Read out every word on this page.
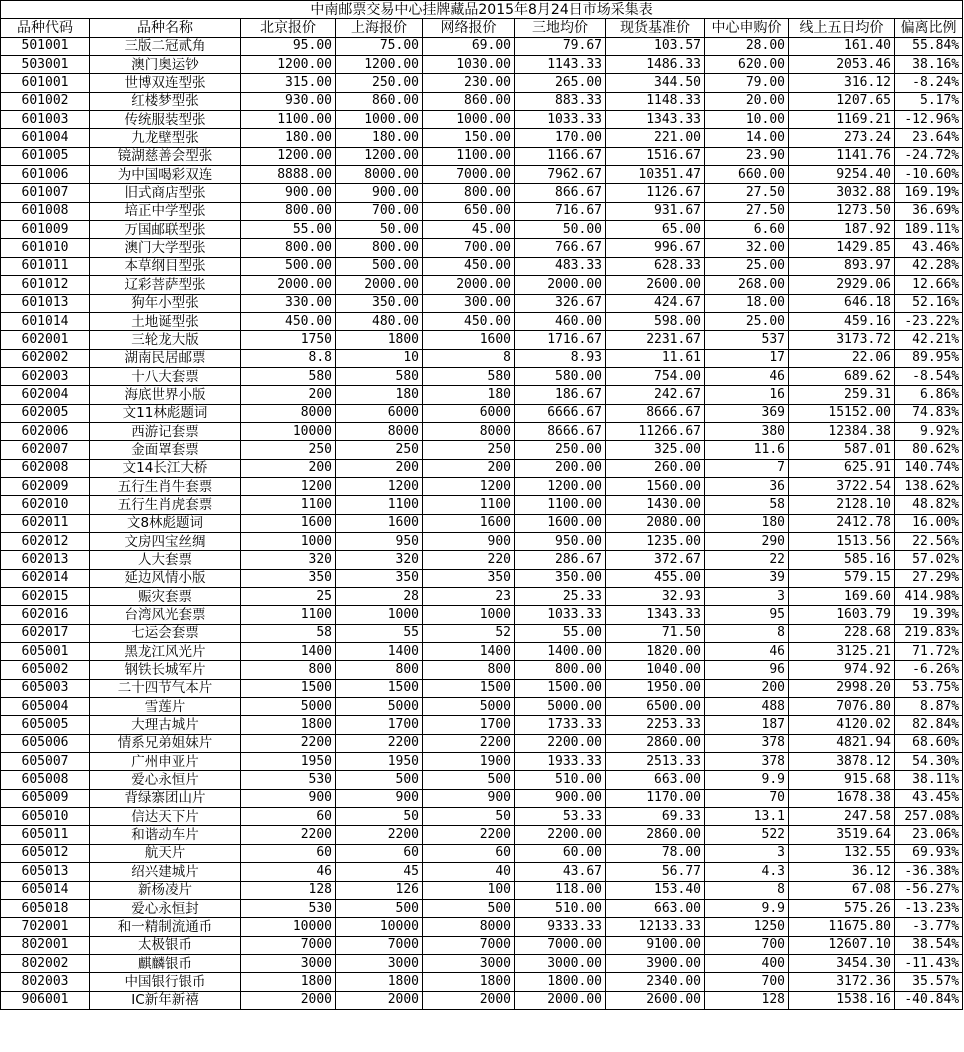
中南邮票交易中心挂牌藏品2015年8月24日市场采集表									
品种代码	品种名称	北京报价	上海报价	网络报价	三地均价	现货基准价	中心申购价	线上五日均价	偏离比例
501001	三版二冠贰角	95.00	75.00	69.00	79.67	103.57	28.00	161.40	55.84%
503001	澳门奥运钞	1200.00	1200.00	1030.00	1143.33	1486.33	620.00	2053.46	38.16%
601001	世博双连型张	315.00	250.00	230.00	265.00	344.50	79.00	316.12	-8.24%
601002	红楼梦型张	930.00	860.00	860.00	883.33	1148.33	20.00	1207.65	5.17%
601003	传统服装型张	1100.00	1000.00	1000.00	1033.33	1343.33	10.00	1169.21	-12.96%
601004	九龙壁型张	180.00	180.00	150.00	170.00	221.00	14.00	273.24	23.64%
601005	镜湖慈善会型张	1200.00	1200.00	1100.00	1166.67	1516.67	23.90	1141.76	-24.72%
601006	为中国喝彩双连	8888.00	8000.00	7000.00	7962.67	10351.47	660.00	9254.40	-10.60%
601007	旧式商店型张	900.00	900.00	800.00	866.67	1126.67	27.50	3032.88	169.19%
601008	培正中学型张	800.00	700.00	650.00	716.67	931.67	27.50	1273.50	36.69%
601009	万国邮联型张	55.00	50.00	45.00	50.00	65.00	6.60	187.92	189.11%
601010	澳门大学型张	800.00	800.00	700.00	766.67	996.67	32.00	1429.85	43.46%
601011	本草纲目型张	500.00	500.00	450.00	483.33	628.33	25.00	893.97	42.28%
601012	辽彩菩萨型张	2000.00	2000.00	2000.00	2000.00	2600.00	268.00	2929.06	12.66%
601013	狗年小型张	330.00	350.00	300.00	326.67	424.67	18.00	646.18	52.16%
601014	土地诞型张	450.00	480.00	450.00	460.00	598.00	25.00	459.16	-23.22%
602001	三轮龙大版	1750	1800	1600	1716.67	2231.67	537	3173.72	42.21%
602002	湖南民居邮票	8.8	10	8	8.93	11.61	17	22.06	89.95%
602003	十八大套票	580	580	580	580.00	754.00	46	689.62	-8.54%
602004	海底世界小版	200	180	180	186.67	242.67	16	259.31	6.86%
602005	文11林彪题词	8000	6000	6000	6666.67	8666.67	369	15152.00	74.83%
602006	西游记套票	10000	8000	8000	8666.67	11266.67	380	12384.38	9.92%
602007	金面罩套票	250	250	250	250.00	325.00	11.6	587.01	80.62%
602008	文14长江大桥	200	200	200	200.00	260.00	7	625.91	140.74%
602009	五行生肖牛套票	1200	1200	1200	1200.00	1560.00	36	3722.54	138.62%
602010	五行生肖虎套票	1100	1100	1100	1100.00	1430.00	58	2128.10	48.82%
602011	文8林彪题词	1600	1600	1600	1600.00	2080.00	180	2412.78	16.00%
602012	文房四宝丝绸	1000	950	900	950.00	1235.00	290	1513.56	22.56%
602013	人大套票	320	320	220	286.67	372.67	22	585.16	57.02%
602014	延边风情小版	350	350	350	350.00	455.00	39	579.15	27.29%
602015	赈灾套票	25	28	23	25.33	32.93	3	169.60	414.98%
602016	台湾风光套票	1100	1000	1000	1033.33	1343.33	95	1603.79	19.39%
602017	七运会套票	58	55	52	55.00	71.50	8	228.68	219.83%
605001	黑龙江风光片	1400	1400	1400	1400.00	1820.00	46	3125.21	71.72%
605002	钢铁长城军片	800	800	800	800.00	1040.00	96	974.92	-6.26%
605003	二十四节气本片	1500	1500	1500	1500.00	1950.00	200	2998.20	53.75%
605004	雪莲片	5000	5000	5000	5000.00	6500.00	488	7076.80	8.87%
605005	大理古城片	1800	1700	1700	1733.33	2253.33	187	4120.02	82.84%
605006	情系兄弟姐妹片	2200	2200	2200	2200.00	2860.00	378	4821.94	68.60%
605007	广州申亚片	1950	1950	1900	1933.33	2513.33	378	3878.12	54.30%
605008	爱心永恒片	530	500	500	510.00	663.00	9.9	915.68	38.11%
605009	背绿寨团山片	900	900	900	900.00	1170.00	70	1678.38	43.45%
605010	信达天下片	60	50	50	53.33	69.33	13.1	247.58	257.08%
605011	和谐动车片	2200	2200	2200	2200.00	2860.00	522	3519.64	23.06%
605012	航天片	60	60	60	60.00	78.00	3	132.55	69.93%
605013	绍兴建城片	46	45	40	43.67	56.77	4.3	36.12	-36.38%
605014	新杨凌片	128	126	100	118.00	153.40	8	67.08	-56.27%
605018	爱心永恒封	530	500	500	510.00	663.00	9.9	575.26	-13.23%
702001	和一精制流通币	10000	10000	8000	9333.33	12133.33	1250	11675.80	-3.77%
802001	太极银币	7000	7000	7000	7000.00	9100.00	700	12607.10	38.54%
802002	麒麟银币	3000	3000	3000	3000.00	3900.00	400	3454.30	-11.43%
802003	中国银行银币	1800	1800	1800	1800.00	2340.00	700	3172.36	35.57%
906001	IC新年新禧	2000	2000	2000	2000.00	2600.00	128	1538.16	-40.84%
